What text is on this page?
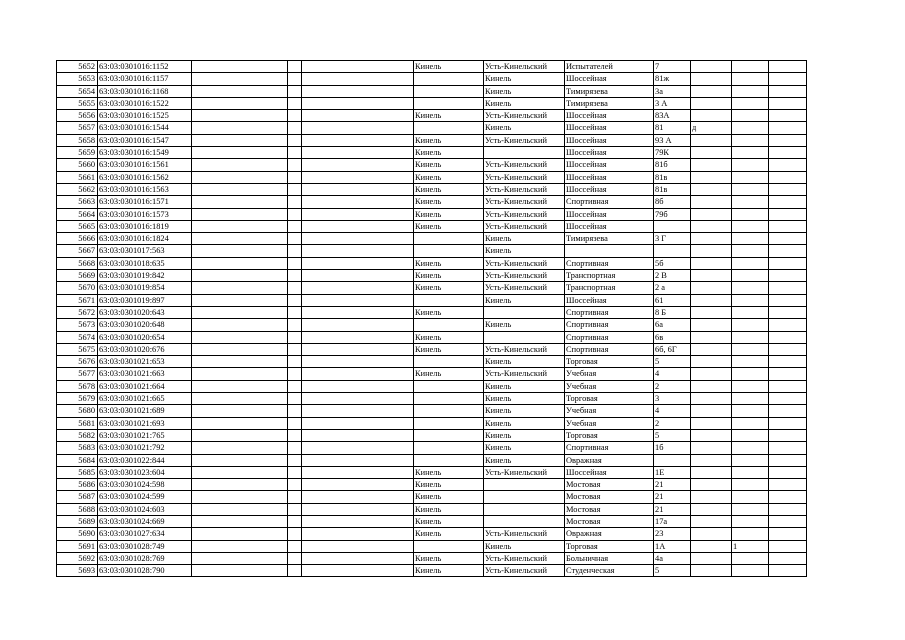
5652	63:03:0301016:1152				Кинель	Усть-Кинельский	Испытателей	7			
5653	63:03:0301016:1157					Кинель	Шоссейная	81ж			
5654	63:03:0301016:1168					Кинель	Тимирязева	3а			
5655	63:03:0301016:1522					Кинель	Тимирязева	3 А			
5656	63:03:0301016:1525				Кинель	Усть-Кинельский	Шоссейная	83А			
5657	63:03:0301016:1544					Кинель	Шоссейная	81	д		
5658	63:03:0301016:1547				Кинель	Усть-Кинельский	Шоссейная	93 А			
5659	63:03:0301016:1549				Кинель		Шоссейная	79К			
5660	63:03:0301016:1561				Кинель	Усть-Кинельский	Шоссейная	81б			
5661	63:03:0301016:1562				Кинель	Усть-Кинельский	Шоссейная	81в			
5662	63:03:0301016:1563				Кинель	Усть-Кинельский	Шоссейная	81в			
5663	63:03:0301016:1571				Кинель	Усть-Кинельский	Спортивная	8б			
5664	63:03:0301016:1573				Кинель	Усть-Кинельский	Шоссейная	79б			
5665	63:03:0301016:1819				Кинель	Усть-Кинельский	Шоссейная				
5666	63:03:0301016:1824					Кинель	Тимирязева	3 Г			
5667	63:03:0301017:563					Кинель					
5668	63:03:0301018:635				Кинель	Усть-Кинельский	Спортивная	5б			
5669	63:03:0301019:842				Кинель	Усть-Кинельский	Транспортная	2 В			
5670	63:03:0301019:854				Кинель	Усть-Кинельский	Транспортная	2 а			
5671	63:03:0301019:897					Кинель	Шоссейная	61			
5672	63:03:0301020:643				Кинель		Спортивная	8 Б			
5673	63:03:0301020:648					Кинель	Спортивная	6а			
5674	63:03:0301020:654				Кинель		Спортивная	6в			
5675	63:03:0301020:676				Кинель	Усть-Кинельский	Спортивная	6б, 6Г			
5676	63:03:0301021:653					Кинель	Торговая	5			
5677	63:03:0301021:663				Кинель	Усть-Кинельский	Учебная	4			
5678	63:03:0301021:664					Кинель	Учебная	2			
5679	63:03:0301021:665					Кинель	Торговая	3			
5680	63:03:0301021:689					Кинель	Учебная	4			
5681	63:03:0301021:693					Кинель	Учебная	2			
5682	63:03:0301021:765					Кинель	Торговая	5			
5683	63:03:0301021:792					Кинель	Спортивная	1б			
5684	63:03:0301022:844					Кинель	Овражная				
5685	63:03:0301023:604				Кинель	Усть-Кинельский	Шоссейная	1Е			
5686	63:03:0301024:598				Кинель		Мостовая	21			
5687	63:03:0301024:599				Кинель		Мостовая	21			
5688	63:03:0301024:603				Кинель		Мостовая	21			
5689	63:03:0301024:669				Кинель		Мостовая	17а			
5690	63:03:0301027:634				Кинель	Усть-Кинельский	Овражная	23			
5691	63:03:0301028:749					Кинель	Торговая	1А		1	
5692	63:03:0301028:769				Кинель	Усть-Кинельский	Больничная	4а			
5693	63:03:0301028:790				Кинель	Усть-Кинельский	Студенческая	5			
